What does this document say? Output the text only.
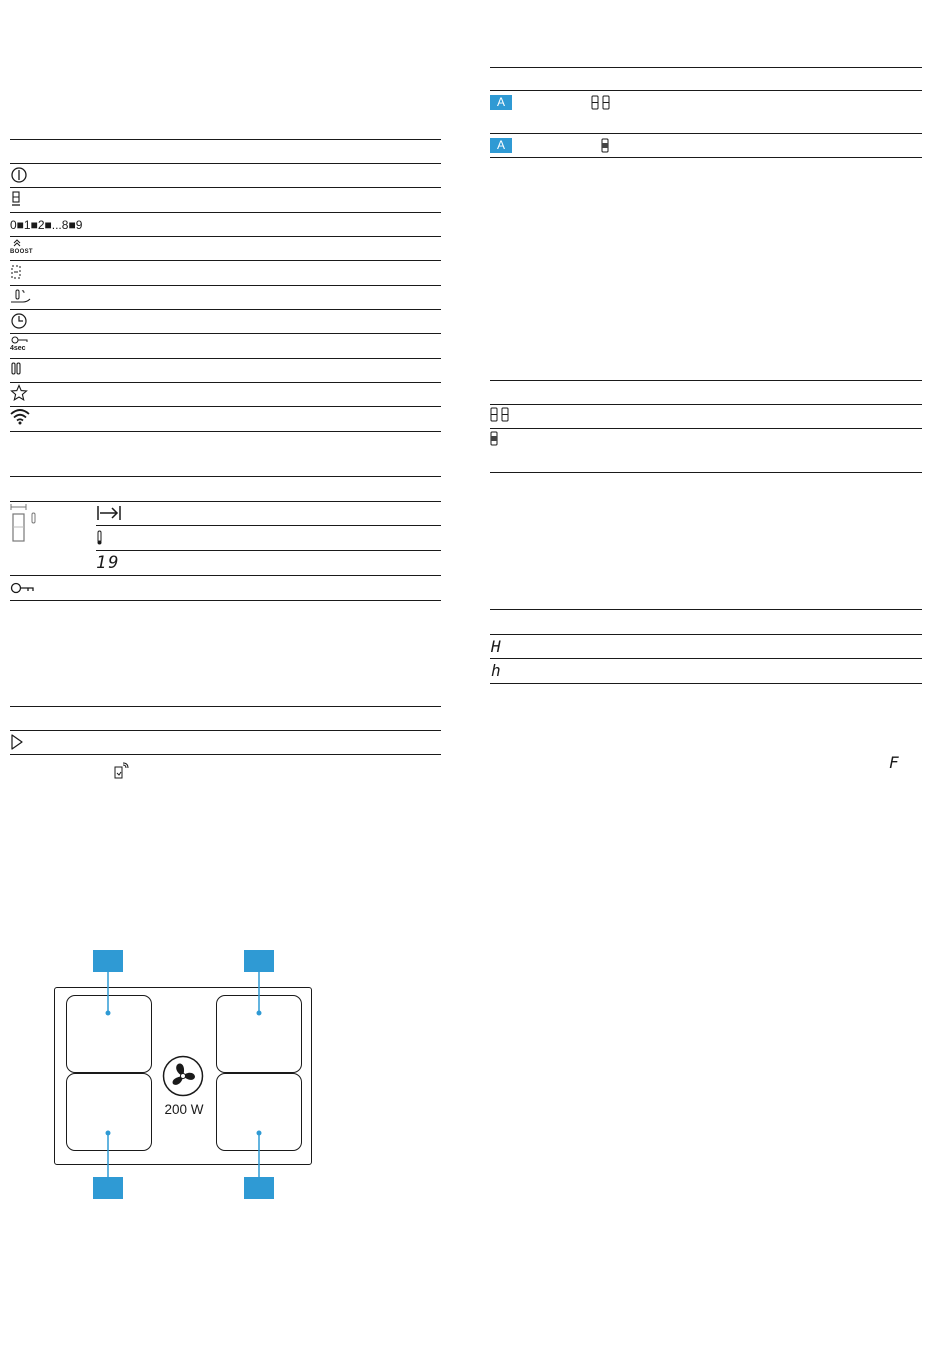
0■1■2■...8■9
BOOST
4sec
19
200 W
A
A
H
h
F
